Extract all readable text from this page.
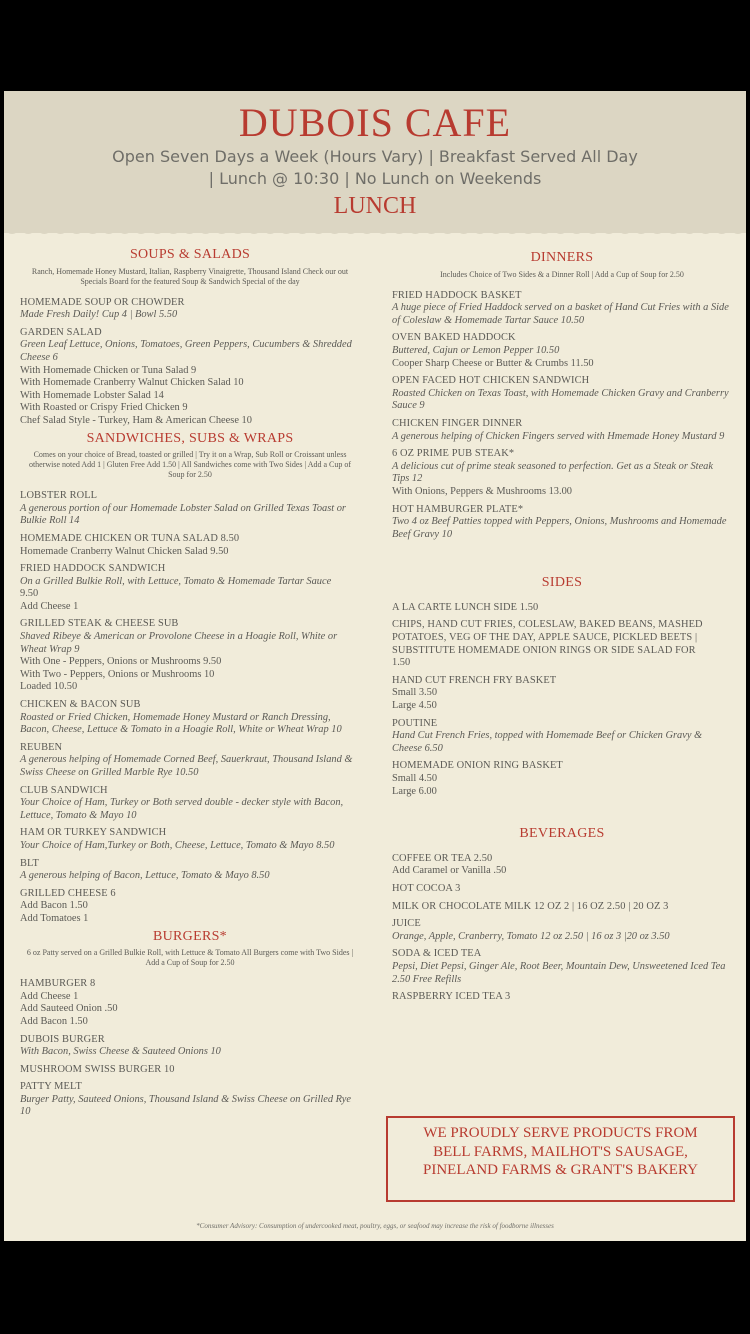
DUBOIS CAFE
Open Seven Days a Week (Hours Vary) | Breakfast Served All Day
| Lunch @ 10:30 | No Lunch on Weekends
LUNCH
SOUPS & SALADS
Ranch, Homemade Honey Mustard, Italian, Raspberry Vinaigrette, Thousand Island Check our out Specials Board for the featured Soup & Sandwich Special of the day
HOMEMADE SOUP OR CHOWDER
Made Fresh Daily! Cup 4 | Bowl 5.50
GARDEN SALAD
Green Leaf Lettuce, Onions, Tomatoes, Green Peppers, Cucumbers & Shredded Cheese 6
With Homemade Chicken or Tuna Salad 9
With Homemade Cranberry Walnut Chicken Salad 10
With Homemade Lobster Salad 14
With Roasted or Crispy Fried Chicken 9
Chef Salad Style - Turkey, Ham & American Cheese 10
SANDWICHES, SUBS & WRAPS
Comes on your choice of Bread, toasted or grilled | Try it on a Wrap, Sub Roll or Croissant unless otherwise noted Add 1 | Gluten Free Add 1.50 | All Sandwiches come with Two Sides | Add a Cup of Soup for 2.50
LOBSTER ROLL
A generous portion of our Homemade Lobster Salad on Grilled Texas Toast or Bulkie Roll 14
HOMEMADE CHICKEN OR TUNA SALAD 8.50
Homemade Cranberry Walnut Chicken Salad 9.50
FRIED HADDOCK SANDWICH
On a Grilled Bulkie Roll, with Lettuce, Tomato & Homemade Tartar Sauce
9.50
Add Cheese 1
GRILLED STEAK & CHEESE SUB
Shaved Ribeye & American or Provolone Cheese in a Hoagie Roll, White or Wheat Wrap 9
With One - Peppers, Onions or Mushrooms 9.50
With Two - Peppers, Onions or Mushrooms 10
Loaded 10.50
CHICKEN & BACON SUB
Roasted or Fried Chicken, Homemade Honey Mustard or Ranch Dressing, Bacon, Cheese, Lettuce & Tomato in a Hoagie Roll, White or Wheat Wrap 10
REUBEN
A generous helping of Homemade Corned Beef, Sauerkraut, Thousand Island & Swiss Cheese on Grilled Marble Rye 10.50
CLUB SANDWICH
Your Choice of Ham, Turkey or Both served double - decker style with Bacon, Lettuce, Tomato & Mayo 10
HAM OR TURKEY SANDWICH
Your Choice of Ham,Turkey or Both, Cheese, Lettuce, Tomato & Mayo 8.50
BLT
A generous helping of Bacon, Lettuce, Tomato & Mayo 8.50
GRILLED CHEESE 6
Add Bacon 1.50
Add Tomatoes 1
BURGERS*
6 oz Patty served on a Grilled Bulkie Roll, with Lettuce & Tomato All Burgers come with Two Sides | Add a Cup of Soup for 2.50
HAMBURGER 8
Add Cheese 1
Add Sauteed Onion .50
Add Bacon 1.50
DUBOIS BURGER
With Bacon, Swiss Cheese & Sauteed Onions 10
MUSHROOM SWISS BURGER 10
PATTY MELT
Burger Patty, Sauteed Onions, Thousand Island & Swiss Cheese on Grilled Rye 10
DINNERS
Includes Choice of Two Sides & a Dinner Roll | Add a Cup of Soup for 2.50
FRIED HADDOCK BASKET
A huge piece of Fried Haddock served on a basket of Hand Cut Fries with a Side of Coleslaw & Homemade Tartar Sauce 10.50
OVEN BAKED HADDOCK
Buttered, Cajun or Lemon Pepper 10.50
Cooper Sharp Cheese or Butter & Crumbs 11.50
OPEN FACED HOT CHICKEN SANDWICH
Roasted Chicken on Texas Toast, with Homemade Chicken Gravy and Cranberry Sauce 9
CHICKEN FINGER DINNER
A generous helping of Chicken Fingers served with Hmemade Honey Mustard 9
6 OZ PRIME PUB STEAK*
A delicious cut of prime steak seasoned to perfection. Get as a Steak or Steak Tips 12
With Onions, Peppers & Mushrooms 13.00
HOT HAMBURGER PLATE*
Two 4 oz Beef Patties topped with Peppers, Onions, Mushrooms and Homemade Beef Gravy 10
SIDES
A LA CARTE LUNCH SIDE 1.50
CHIPS, HAND CUT FRIES, COLESLAW, BAKED BEANS, MASHED POTATOES, VEG OF THE DAY, APPLE SAUCE, PICKLED BEETS | SUBSTITUTE HOMEMADE ONION RINGS OR SIDE SALAD FOR
1.50
HAND CUT FRENCH FRY BASKET
Small 3.50
Large 4.50
POUTINE
Hand Cut French Fries, topped with Homemade Beef or Chicken Gravy & Cheese 6.50
HOMEMADE ONION RING BASKET
Small 4.50
Large 6.00
BEVERAGES
COFFEE OR TEA 2.50
Add Caramel or Vanilla .50
HOT COCOA 3
MILK OR CHOCOLATE MILK 12 OZ 2 | 16 OZ 2.50 | 20 OZ 3
JUICE
Orange, Apple, Cranberry, Tomato 12 oz 2.50 | 16 oz 3 |20 oz 3.50
SODA & ICED TEA
Pepsi, Diet Pepsi, Ginger Ale, Root Beer, Mountain Dew, Unsweetened Iced Tea 2.50 Free Refills
RASPBERRY ICED TEA 3
WE PROUDLY SERVE PRODUCTS FROM
BELL FARMS, MAILHOT'S SAUSAGE,
PINELAND FARMS & GRANT'S BAKERY
*Consumer Advisory: Consumption of undercooked meat, poultry, eggs, or seafood may increase the risk of foodborne illnesses
